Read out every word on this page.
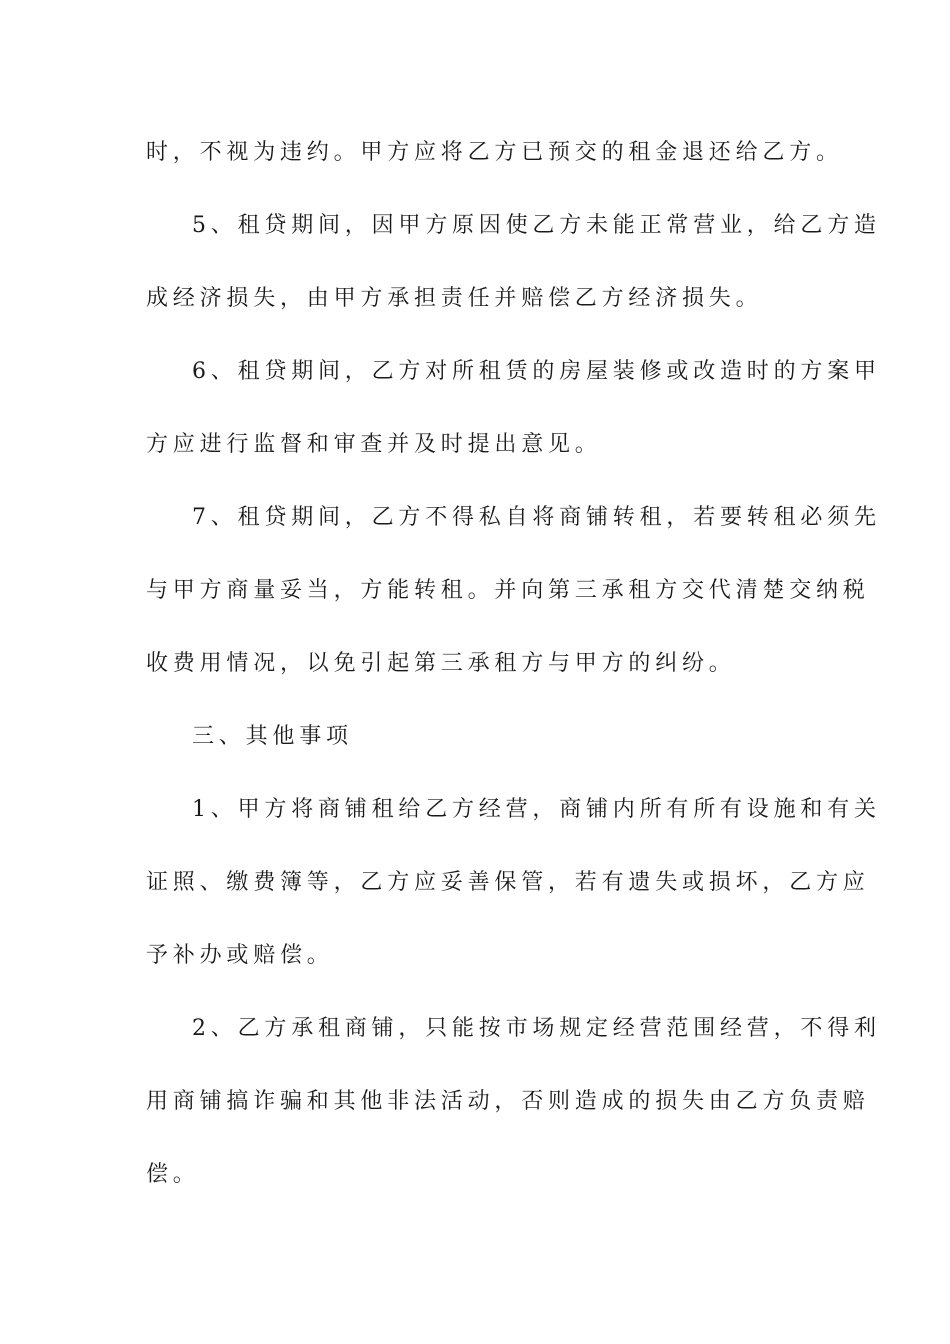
时，不视为违约。甲方应将乙方已预交的租金退还给乙方。
5、租贷期间，因甲方原因使乙方未能正常营业，给乙方造
成经济损失，由甲方承担责任并赔偿乙方经济损失。
6、租贷期间，乙方对所租赁的房屋装修或改造时的方案甲
方应进行监督和审查并及时提出意见。
7、租贷期间，乙方不得私自将商铺转租，若要转租必须先
与甲方商量妥当，方能转租。并向第三承租方交代清楚交纳税
收费用情况，以免引起第三承租方与甲方的纠纷。
三、其他事项
1、甲方将商铺租给乙方经营，商铺内所有所有设施和有关
证照、缴费簿等，乙方应妥善保管，若有遗失或损坏，乙方应
予补办或赔偿。
2、乙方承租商铺，只能按市场规定经营范围经营，不得利
用商铺搞诈骗和其他非法活动，否则造成的损失由乙方负责赔
偿。
